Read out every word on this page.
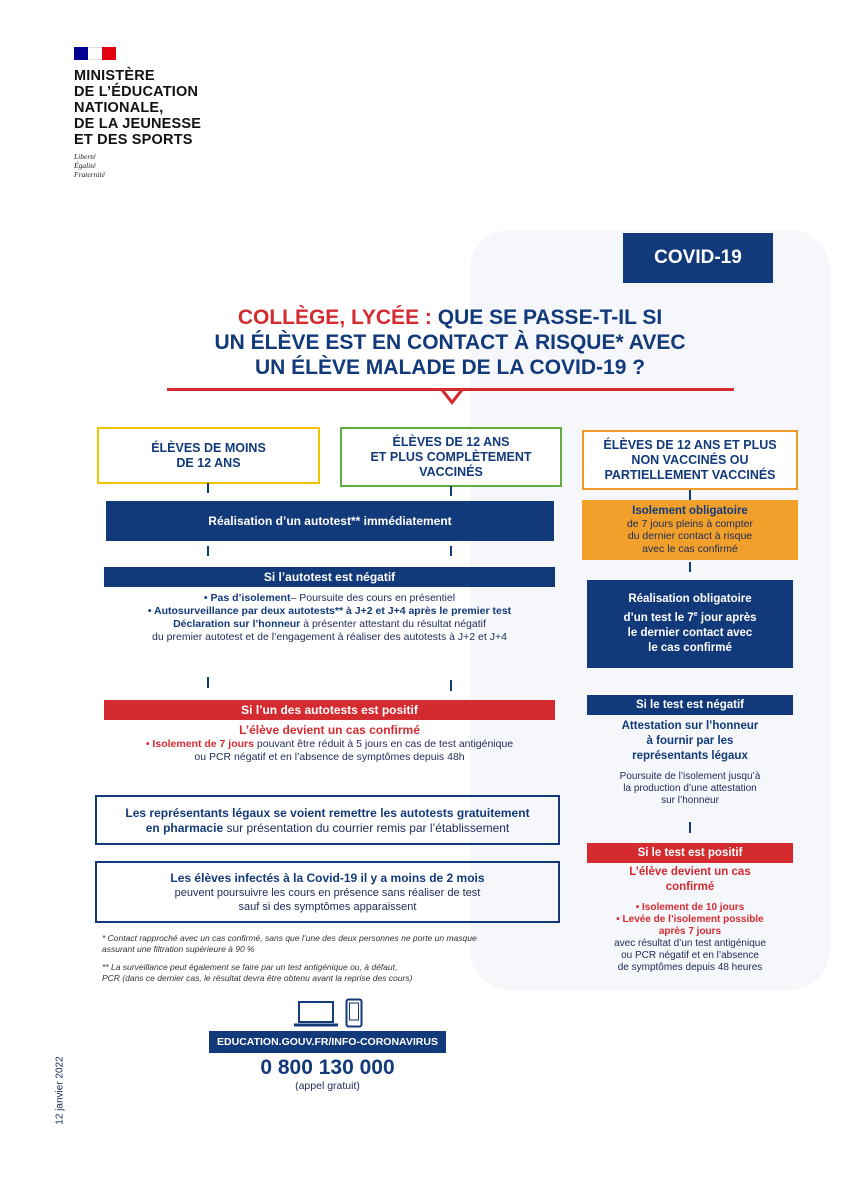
MINISTÈRE
DE L’ÉDUCATION
NATIONALE,
DE LA JEUNESSE
ET DES SPORTS
Liberté
Égalité
Fraternité
COVID-19
COLLÈGE, LYCÉE : QUE SE PASSE-T-IL SI
UN ÉLÈVE EST EN CONTACT À RISQUE* AVEC
UN ÉLÈVE MALADE DE LA COVID-19 ?
ÉLÈVES DE MOINS
DE 12 ANS
ÉLÈVES DE 12 ANS
ET PLUS COMPLÈTEMENT
VACCINÉS
ÉLÈVES DE 12 ANS ET PLUS
NON VACCINÉS OU
PARTIELLEMENT VACCINÉS
Réalisation d’un autotest** immédiatement
Si l’autotest est négatif
• Pas d’isolement– Poursuite des cours en présentiel
• Autosurveillance par deux autotests** à J+2 et J+4 après le premier test
Déclaration sur l’honneur à présenter attestant du résultat négatif
du premier autotest et de l’engagement à réaliser des autotests à J+2 et J+4
Si l’un des autotests est positif
L’élève devient un cas confirmé
• Isolement de 7 jours pouvant être réduit à 5 jours en cas de test antigénique
ou PCR négatif et en l’absence de symptômes depuis 48h
Les représentants légaux se voient remettre les autotests gratuitement
en pharmacie sur présentation du courrier remis par l’établissement
Les élèves infectés à la Covid-19 il y a moins de 2 mois
peuvent poursuivre les cours en présence sans réaliser de test
sauf si des symptômes apparaissent
Isolement obligatoire
de 7 jours pleins à compter
du dernier contact à risque
avec le cas confirmé
Réalisation obligatoire
d’un test le 7e jour après
le dernier contact avec
le cas confirmé
Si le test est négatif
Attestation sur l’honneur
à fournir par les
représentants légaux
Poursuite de l’isolement jusqu’à
la production d’une attestation
sur l’honneur
Si le test est positif
L’élève devient un cas
confirmé
• Isolement de 10 jours
• Levée de l’isolement possible
après 7 jours
avec résultat d’un test antigénique
ou PCR négatif et en l’absence
de symptômes depuis 48 heures
* Contact rapproché avec un cas confirmé, sans que l’une des deux personnes ne porte un masque
assurant une filtration supérieure à 90 %
** La surveillance peut également se faire par un test antigénique ou, à défaut,
PCR (dans ce dernier cas, le résultat devra être obtenu avant la reprise des cours)
EDUCATION.GOUV.FR/INFO-CORONAVIRUS
0 800 130 000
(appel gratuit)
12 janvier 2022
